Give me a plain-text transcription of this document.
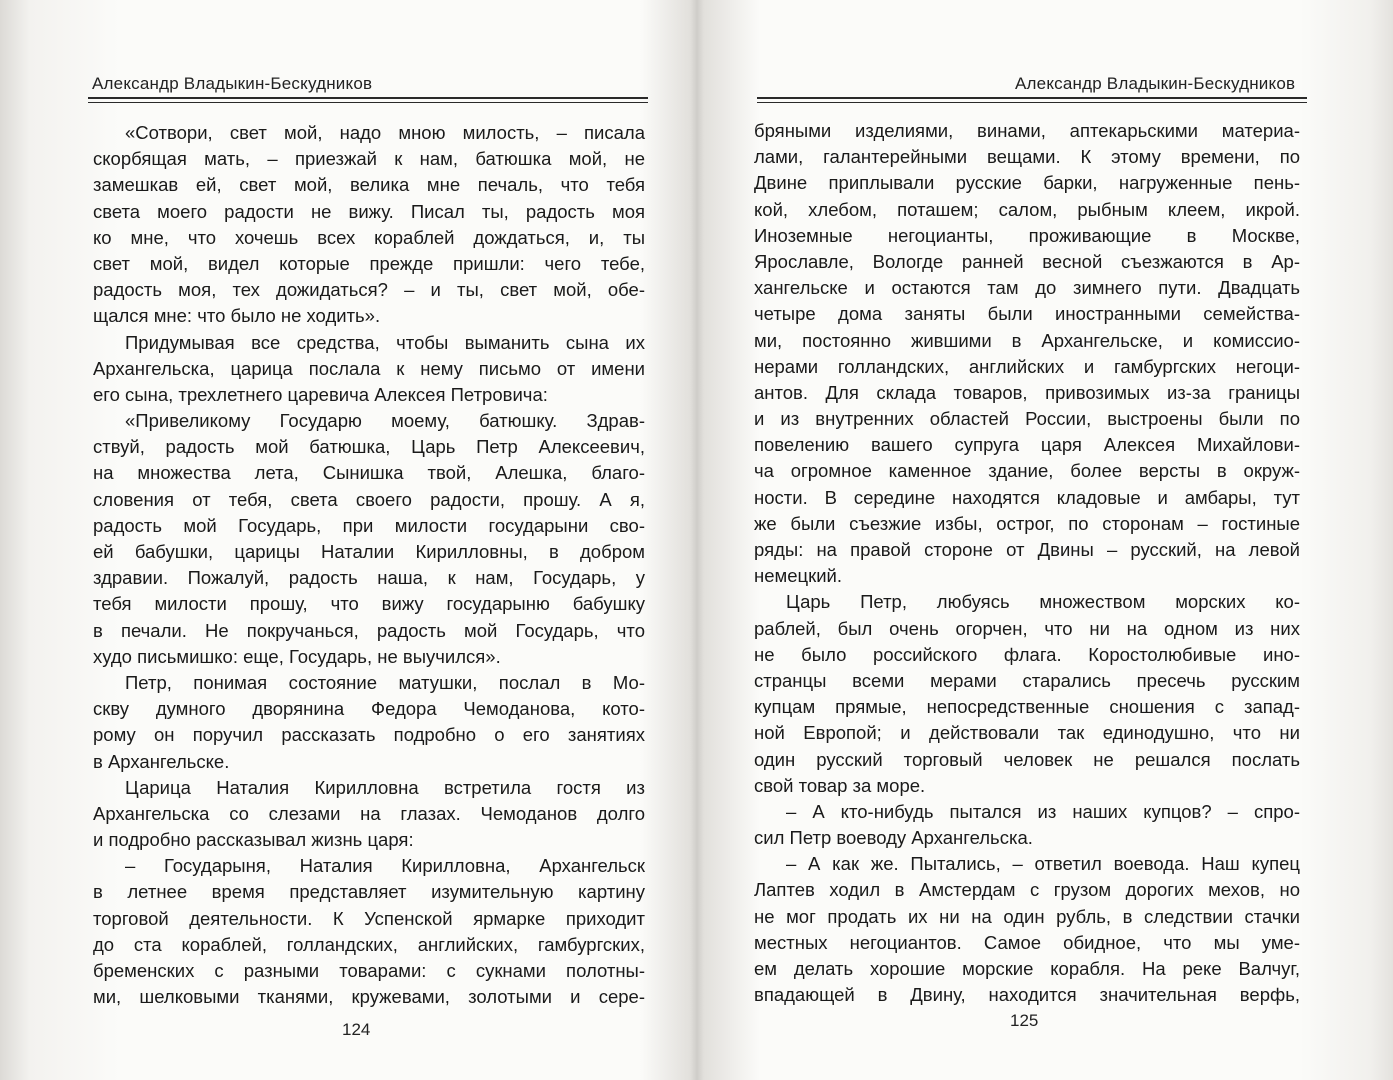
Александр Владыкин-Бескудников
«Сотвори, свет мой, надо мною милость, – писала
скорбящая мать, – приезжай к нам, батюшка мой, не
замешкав ей, свет мой, велика мне печаль, что тебя
света моего радости не вижу. Писал ты, радость моя
ко мне, что хочешь всех кораблей дождаться, и, ты
свет мой, видел которые прежде пришли: чего тебе,
радость моя, тех дожидаться? – и ты, свет мой, обе-
щался мне: что было не ходить».
Придумывая все средства, чтобы выманить сына их
Архангельска, царица послала к нему письмо от имени
его сына, трехлетнего царевича Алексея Петровича:
«Привеликому Государю моему, батюшку. Здрав-
ствуй, радость мой батюшка, Царь Петр Алексеевич,
на множества лета, Сынишка твой, Алешка, благо-
словения от тебя, света своего радости, прошу. А я,
радость мой Государь, при милости государыни сво-
ей бабушки, царицы Наталии Кирилловны, в добром
здравии. Пожалуй, радость наша, к нам, Государь, у
тебя милости прошу, что вижу государыню бабушку
в печали. Не покручанься, радость мой Государь, что
худо письмишко: еще, Государь, не выучился».
Петр, понимая состояние матушки, послал в Мо-
скву думного дворянина Федора Чемоданова, кото-
рому он поручил рассказать подробно о его занятиях
в Архангельске.
Царица Наталия Кирилловна встретила гостя из
Архангельска со слезами на глазах. Чемоданов долго
и подробно рассказывал жизнь царя:
– Государыня, Наталия Кирилловна, Архангельск
в летнее время представляет изумительную картину
торговой деятельности. К Успенской ярмарке приходит
до ста кораблей, голландских, английских, гамбургских,
бременских с разными товарами: с сукнами полотны-
ми, шелковыми тканями, кружевами, золотыми и сере-
124
Александр Владыкин-Бескудников
бряными изделиями, винами, аптекарьскими материа-
лами, галантерейными вещами. К этому времени, по
Двине приплывали русские барки, нагруженные пень-
кой, хлебом, поташем; салом, рыбным клеем, икрой.
Иноземные негоцианты, проживающие в Москве,
Ярославле, Вологде ранней весной съезжаются в Ар-
хангельске и остаются там до зимнего пути. Двадцать
четыре дома заняты были иностранными семейства-
ми, постоянно жившими в Архангельске, и комиссио-
нерами голландских, английских и гамбургских негоци-
антов. Для склада товаров, привозимых из-за границы
и из внутренних областей России, выстроены были по
повелению вашего супруга царя Алексея Михайлови-
ча огромное каменное здание, более версты в окруж-
ности. В середине находятся кладовые и амбары, тут
же были съезжие избы, острог, по сторонам – гостиные
ряды: на правой стороне от Двины – русский, на левой
немецкий.
Царь Петр, любуясь множеством морских ко-
раблей, был очень огорчен, что ни на одном из них
не было российского флага. Коростолюбивые ино-
странцы всеми мерами старались пресечь русским
купцам прямые, непосредственные сношения с запад-
ной Европой; и действовали так единодушно, что ни
один русский торговый человек не решался послать
свой товар за море.
– А кто-нибудь пытался из наших купцов? – спро-
сил Петр воеводу Архангельска.
– А как же. Пытались, – ответил воевода. Наш купец
Лаптев ходил в Амстердам с грузом дорогих мехов, но
не мог продать их ни на один рубль, в следствии стачки
местных негоциантов. Самое обидное, что мы уме-
ем делать хорошие морские корабля. На реке Валчуг,
впадающей в Двину, находится значительная верфь,
125
